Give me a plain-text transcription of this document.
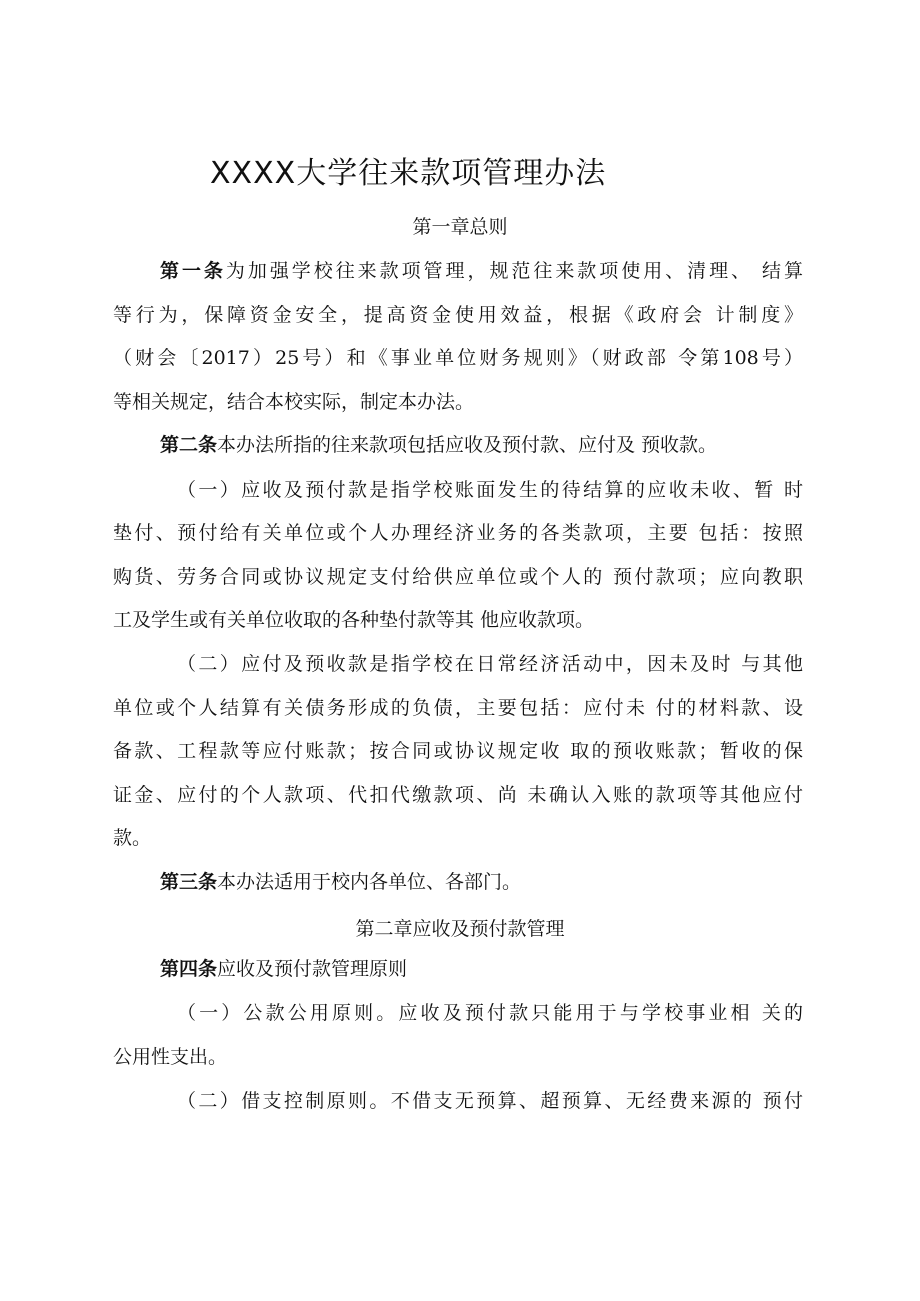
XXXX大学往来款项管理办法
第一章总则
第一条为加强学校往来款项管理，规范往来款项使用、清理、 结算
等行为，保障资金安全，提高资金使用效益，根据《政府会 计制度》
（财会〔2017）25号）和《事业单位财务规则》（财政部 令第108号）
等相关规定，结合本校实际，制定本办法。
第二条本办法所指的往来款项包括应收及预付款、应付及 预收款。
（一）应收及预付款是指学校账面发生的待结算的应收未收、暂 时
垫付、预付给有关单位或个人办理经济业务的各类款项，主要 包括：按照
购货、劳务合同或协议规定支付给供应单位或个人的 预付款项；应向教职
工及学生或有关单位收取的各种垫付款等其 他应收款项。
（二）应付及预收款是指学校在日常经济活动中，因未及时 与其他
单位或个人结算有关债务形成的负债，主要包括：应付未 付的材料款、设
备款、工程款等应付账款；按合同或协议规定收 取的预收账款；暂收的保
证金、应付的个人款项、代扣代缴款项、尚 未确认入账的款项等其他应付
款。
第三条本办法适用于校内各单位、各部门。
第二章应收及预付款管理
第四条应收及预付款管理原则
（一）公款公用原则。应收及预付款只能用于与学校事业相 关的
公用性支出。
（二）借支控制原则。不借支无预算、超预算、无经费来源的 预付
